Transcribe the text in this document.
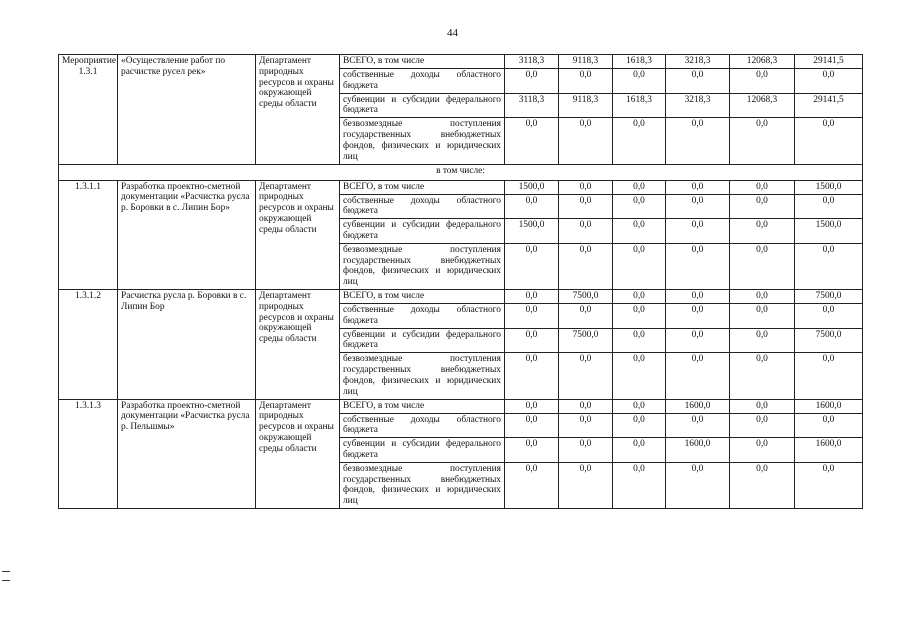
44
Мероприятие 1.3.1	«Осуществление работ по расчистке русел рек»	Департамент природных ресурсов и охраны окружающей среды области	ВСЕГО, в том числе	3118,3	9118,3	1618,3	3218,3	12068,3	29141,5
			собственные доходы областного бюджета	0,0	0,0	0,0	0,0	0,0	0,0
			субвенции и субсидии федерального бюджета	3118,3	9118,3	1618,3	3218,3	12068,3	29141,5
			безвозмездные поступления государственных внебюджетных фондов, физических и юридических лиц	0,0	0,0	0,0	0,0	0,0	0,0
в том числе:									
1.3.1.1	Разработка проектно-сметной документации «Расчистка русла р. Боровки в с. Липин Бор»	Департамент природных ресурсов и охраны окружающей среды области	ВСЕГО, в том числе	1500,0	0,0	0,0	0,0	0,0	1500,0
			собственные доходы областного бюджета	0,0	0,0	0,0	0,0	0,0	0,0
			субвенции и субсидии федерального бюджета	1500,0	0,0	0,0	0,0	0,0	1500,0
			безвозмездные поступления государственных внебюджетных фондов, физических и юридических лиц	0,0	0,0	0,0	0,0	0,0	0,0
1.3.1.2	Расчистка русла р. Боровки в с. Липин Бор	Департамент природных ресурсов и охраны окружающей среды области	ВСЕГО, в том числе	0,0	7500,0	0,0	0,0	0,0	7500,0
			собственные доходы областного бюджета	0,0	0,0	0,0	0,0	0,0	0,0
			субвенции и субсидии федерального бюджета	0,0	7500,0	0,0	0,0	0,0	7500,0
			безвозмездные поступления государственных внебюджетных фондов, физических и юридических лиц	0,0	0,0	0,0	0,0	0,0	0,0
1.3.1.3	Разработка проектно-сметной документации «Расчистка русла р. Пельшмы»	Департамент природных ресурсов и охраны окружающей среды области	ВСЕГО, в том числе	0,0	0,0	0,0	1600,0	0,0	1600,0
			собственные доходы областного бюджета	0,0	0,0	0,0	0,0	0,0	0,0
			субвенции и субсидии федерального бюджета	0,0	0,0	0,0	1600,0	0,0	1600,0
			безвозмездные поступления государственных внебюджетных фондов, физических и юридических лиц	0,0	0,0	0,0	0,0	0,0	0,0
